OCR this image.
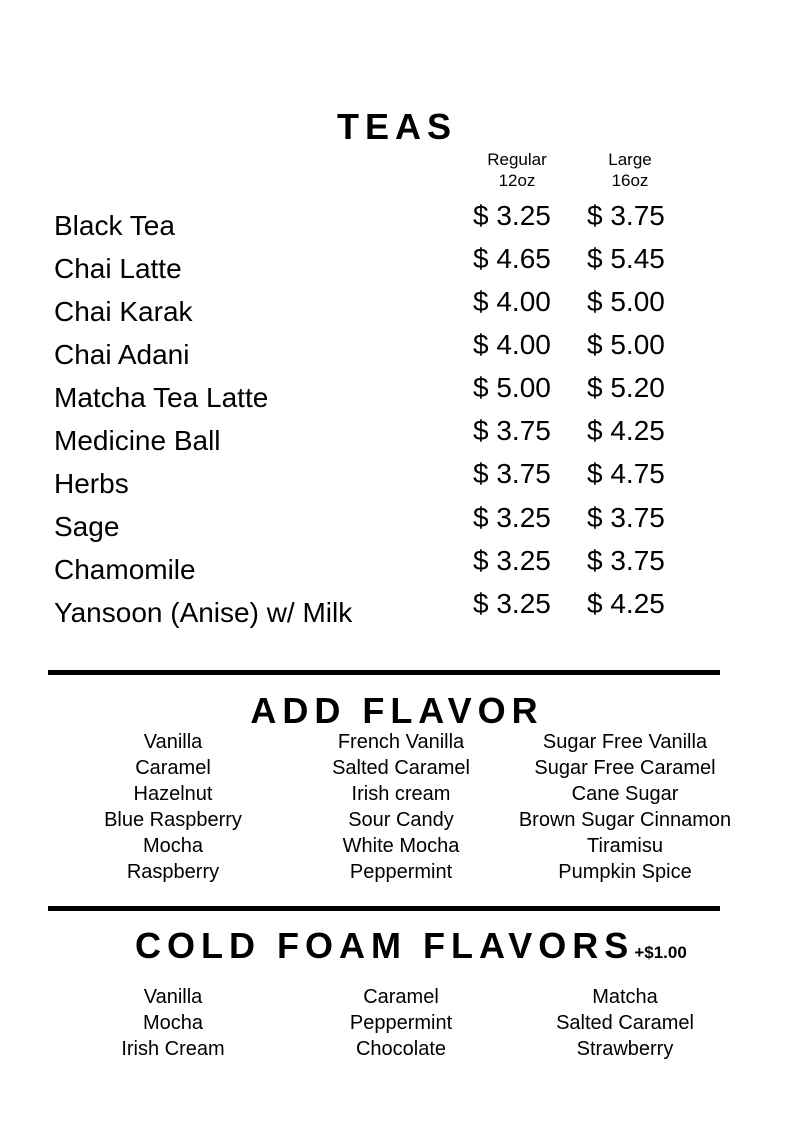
TEAS
Regular
12oz
Large
16oz
Black Tea	$ 3.25 $ 3.75
Chai Latte	$ 4.65 $ 5.45
Chai Karak	$ 4.00 $ 5.00
Chai Adani	$ 4.00 $ 5.00
Matcha Tea Latte	$ 5.00 $ 5.20
Medicine Ball	$ 3.75 $ 4.25
Herbs	$ 3.75 $ 4.75
Sage	$ 3.25 $ 3.75
Chamomile	$ 3.25 $ 3.75
Yansoon (Anise) w/ Milk	$ 3.25 $ 4.25
ADD FLAVOR
Vanilla
Caramel
Hazelnut
Blue Raspberry
Mocha
Raspberry
French Vanilla
Salted Caramel
Irish cream
Sour Candy
White Mocha
Peppermint
Sugar Free Vanilla
Sugar Free Caramel
Cane Sugar
Brown Sugar Cinnamon
Tiramisu
Pumpkin Spice
COLD FOAM FLAVORS+$1.00
Vanilla
Mocha
Irish Cream
Caramel
Peppermint
Chocolate
Matcha
Salted Caramel
Strawberry
